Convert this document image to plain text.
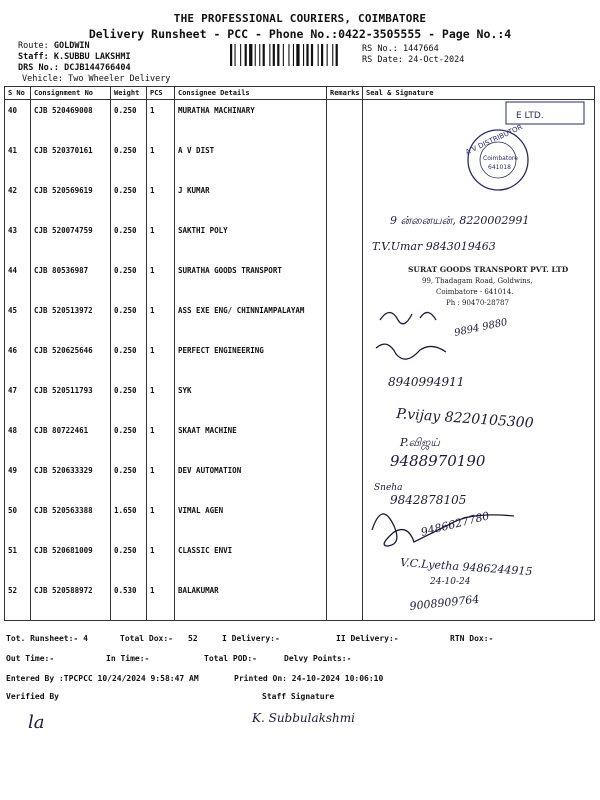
THE PROFESSIONAL COURIERS, COIMBATORE
Delivery Runsheet - PCC - Phone No.:0422-3505555 - Page No.:4
Route: GOLDWIN
Staff: K.SUBBU LAKSHMI
DRS No.: DCJB144766404
Vehicle: Two Wheeler Delivery
RS No.: 1447664
RS Date: 24-Oct-2024
S No	Consignment No	Weight	PCS	Consignee Details	Remarks	Seal & Signature
40	CJB 520469008	0.250	1	MURATHA MACHINARY		
41	CJB 520370161	0.250	1	A V DIST		
42	CJB 520569619	0.250	1	J KUMAR		
43	CJB 520074759	0.250	1	SAKTHI POLY		
44	CJB 80536987	0.250	1	SURATHA GOODS TRANSPORT		
45	CJB 520513972	0.250	1	ASS EXE ENG/ CHINNIAMPALAYAM		
46	CJB 520625646	0.250	1	PERFECT ENGINEERING		
47	CJB 520511793	0.250	1	SYK		
48	CJB 80722461	0.250	1	SKAAT MACHINE		
49	CJB 520633329	0.250	1	DEV AUTOMATION		
50	CJB 520563388	1.650	1	VIMAL AGEN		
51	CJB 520681009	0.250	1	CLASSIC ENVI		
52	CJB 520588972	0.530	1	BALAKUMAR		
E LTD.
A V DISTRIBUTOR
Coimbatore
641018
SURAT GOODS TRANSPORT PVT. LTD
99, Thadagam Road, Goldwins,
Coimbatore - 641014.
Ph : 90470-28787
9 ன்னையன், 8220002991
T.V.Umar 9843019463
9894 9880
8940994911
P.vijay 8220105300
P.விஜய்
9488970190
Sneha
9842878105
9486627780
V.C.Lyetha 9486244915
24-10-24
9008909764
Tot. Runsheet:- 4	Total Dox:- 52	I Delivery:-	II Delivery:-	RTN Dox:-
Out Time:-	In Time:-	Total POD:-	Delvy Points:-
Entered By :TPCPCC 10/24/2024 9:58:47 AM	Printed On: 24-10-2024 10:06:10
Verified By	Staff Signature
la	K. Subbulakshmi
